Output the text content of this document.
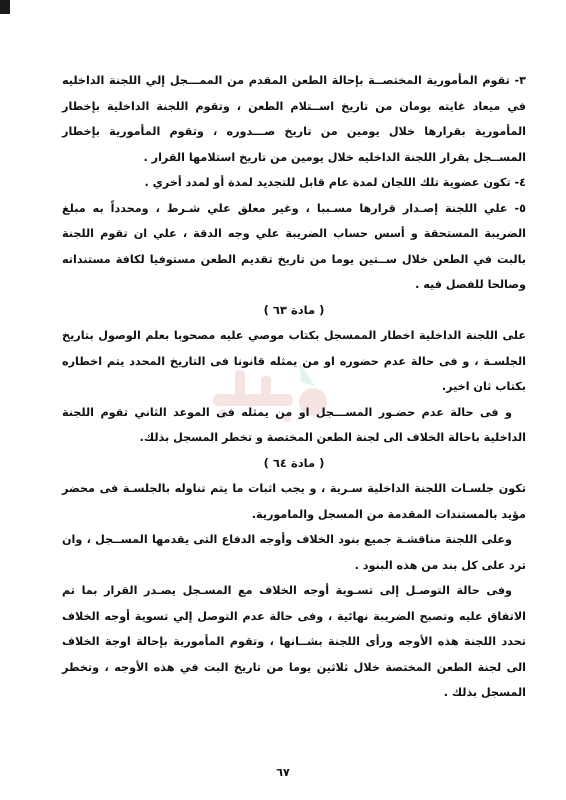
٣- تقوم المأمورية المختصــة بإحالة الطعن المقدم من الممـــجل إلي اللجنة الداخليه في ميعاد غايته يومان من تاريخ اســتلام الطعن ، وتقوم اللجنة الداخلية بإخطار المأمورية بقرارها خلال يومين من تاريخ صـــدوره ، وتقوم المأمورية بإخطار المســجل بقرار اللجنة الداخليه خلال يومين من تاريخ استلامها القرار .

٤- تكون عضوية تلك اللجان لمدة عام قابل للتجديد لمدة أو لمدد أخري .

٥- علي اللجنة إصـدار قرارها مسـببا ، وغير معلق علي شـرط ، ومحدداً به مبلغ الضريبة المستحقة و أسس حساب الضريبة علي وجه الدقة ، علي ان تقوم اللجنة بالبت في الطعن خلال ســتين يوما من تاريخ تقديم الطعن مستوفيا لكافة مستنداته وصالحا للفصل فيه .

( مادة ٦٣ )

على اللجنة الداخلية اخطار الممسجل بكتاب موصي عليه مصحوبا بعلم الوصول بتاريخ الجلسـة ، و فى حالة عدم حضوره او من يمثله قانونا فى التاريخ المحدد يتم اخطاره بكتاب ثان اخير.

و فى حالة عدم حضـور المســـجل او من يمثله فى الموعد الثاني تقوم اللجنة الداخلية باحالة الخلاف الى لجنة الطعن المختصة و تخطر المسجل بذلك.

( مادة ٦٤ )

تكون جلسـات اللجنة الداخلية سـرية ، و يجب اثبات ما يتم تناوله بالجلسـة فى محضر مؤيد بالمستندات المقدمة من المسجل والمامورية.

وعلى اللجنة مناقشـة جميع بنود الخلاف وأوجه الدفاع التى يقدمها المســجل ، وان ترد على كل بند من هذه البنود .

وفى حالة التوصـل إلى تسـوية أوجه الخلاف مع المسـجل يصـدر القرار بما تم الاتفاق عليه وتصبح الضريبة نهائية ، وفى حالة عدم التوصل إلي تسوية أوجه الخلاف تحدد اللجنة هذه الأوجه ورأى اللجنة بشــانها ، وتقوم المأمورية بإحالة اوجة الخلاف الى لجنة الطعن المختصة خلال ثلاثين يوما من تاريخ البت في هذه الأوجه ، وتخطر المسجل بذلك .

٦٧
